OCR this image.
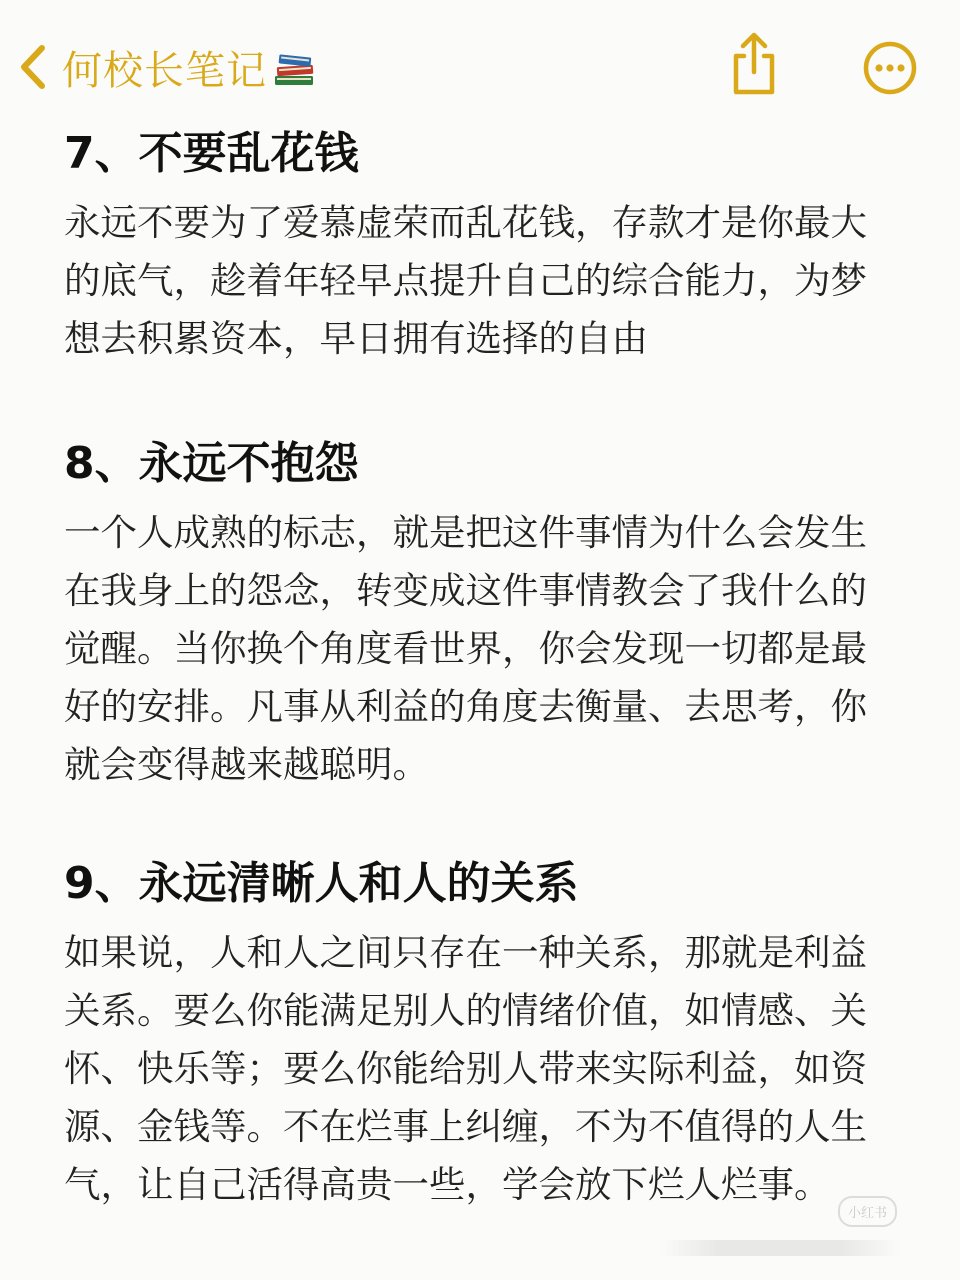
何校长笔记
7、不要乱花钱

永远不要为了爱慕虚荣而乱花钱，存款才是你最大的底气，趁着年轻早点提升自己的综合能力，为梦想去积累资本，早日拥有选择的自由

8、永远不抱怨

一个人成熟的标志，就是把这件事情为什么会发生在我身上的怨念，转变成这件事情教会了我什么的觉醒。当你换个角度看世界，你会发现一切都是最好的安排。凡事从利益的角度去衡量、去思考，你就会变得越来越聪明。

9、永远清晰人和人的关系

如果说，人和人之间只存在一种关系，那就是利益关系。要么你能满足别人的情绪价值，如情感、关怀、快乐等；要么你能给别人带来实际利益，如资源、金钱等。不在烂事上纠缠，不为不值得的人生气，让自己活得高贵一些，学会放下烂人烂事。

小红书
